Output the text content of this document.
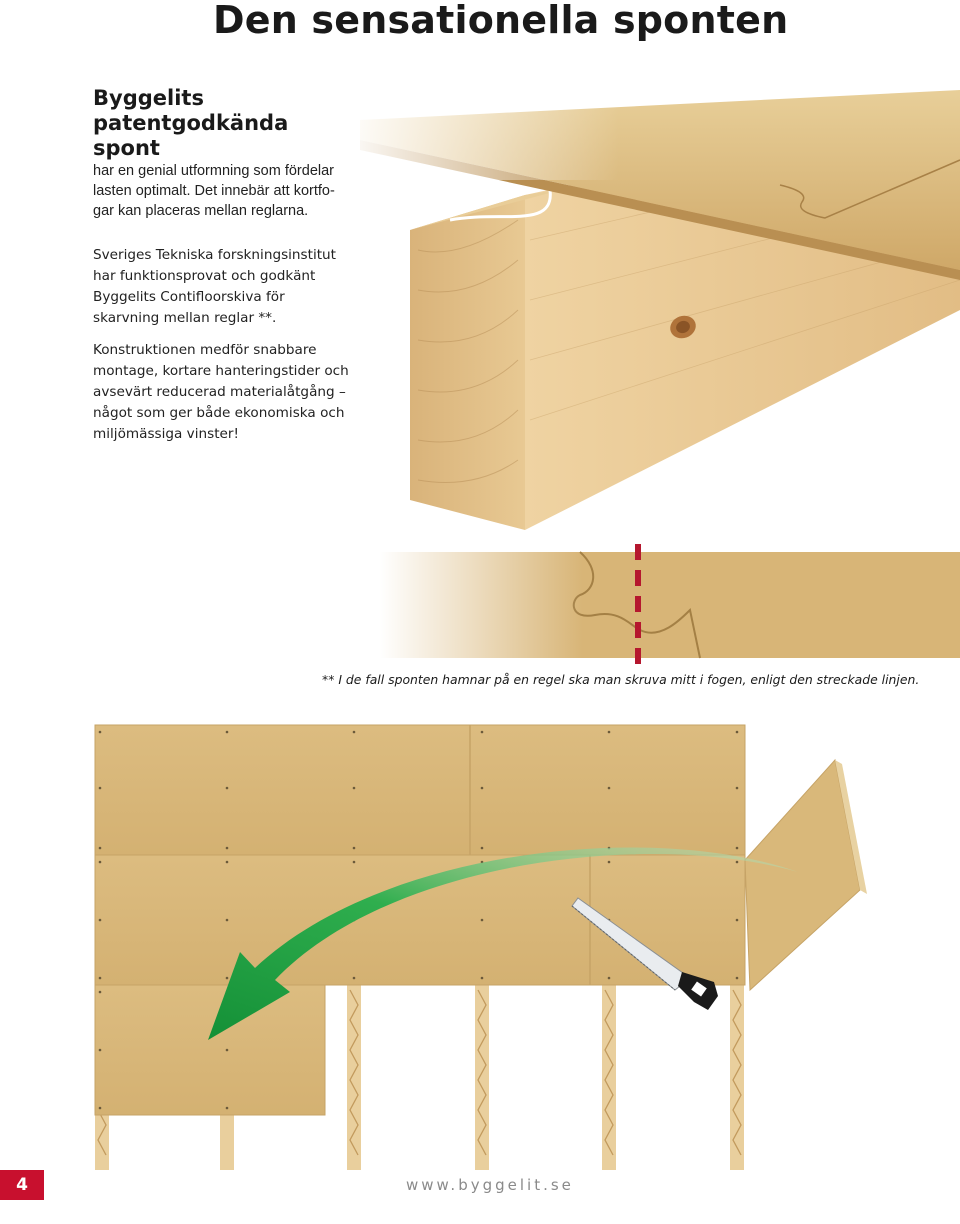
Den sensationella sponten
Byggelits
patentgodkända
spont

har en genial utformning som fördelar
lasten optimalt. Det innebär att kortfo-
gar kan placeras mellan reglarna.

Sveriges Tekniska forskningsinstitut har funktionsprovat och godkänt Byggelits Contifloorskiva för skarvning mellan reglar **.

Konstruktionen medför snabbare montage, kortare hanteringstider och avsevärt reducerad materialåtgång – något som ger både ekonomiska och miljömässiga vinster!

** I de fall sponten hamnar på en regel ska man skruva mitt i fogen, enligt den streckade linjen.

4	www.byggelit.se
